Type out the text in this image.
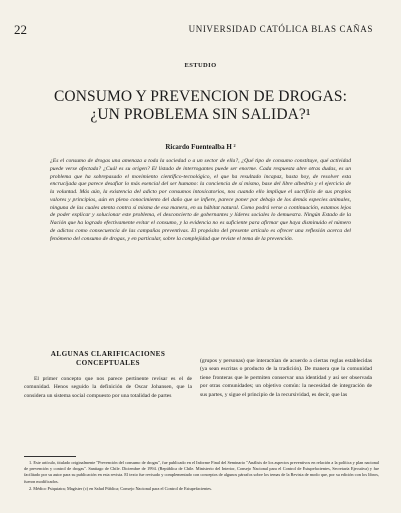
22	UNIVERSIDAD CATÓLICA BLAS CAÑAS
ESTUDIO
CONSUMO Y PREVENCION DE DROGAS:
¿UN PROBLEMA SIN SALIDA?¹
Ricardo Fuentealba H ²
¿Es el consumo de drogas una amenaza a toda la sociedad o a un sector de ella?, ¿Qué tipo de consumo constituye, qué actividad puede verse afectada? ¿Cuál es su origen? El listado de interrogantes puede ser enorme. Cada respuesta abre otras dudas, es un problema que ha sobrepasado el movimiento científico-tecnológico, el que ha resultado incapaz, hasta hoy, de resolver esta encrucijada que parece desafiar lo más esencial del ser humano: la conciencia de sí mismo, base del libre albedrío y el ejercicio de la voluntad. Más aún, la existencia del adicto por consumos intoxicatorios, nos cuando ello implique el sacrificio de sus propios valores y principios, aún en pleno conocimiento del daño que se infiere, parece poner por debajo de los demás especies animales, ninguna de las cuales atenta contra sí misma de esa manera, en su hábitat natural. Como podrá verse a continuación, estamos lejos de poder explicar y solucionar este problema, el desconcierto de gobernantes y líderes sociales lo demuestra. Ningún Estado de la Nación que ha logrado efectivamente evitar el consumo, y la evidencia no es suficiente para afirmar que haya disminuido el número de adictos como consecuencia de las campañas preventivas. El propósito del presente artículo es ofrecer una reflexión acerca del fenómeno del consumo de drogas, y en particular, sobre la complejidad que reviste el tema de la prevención.
ALGUNAS CLARIFICACIONES
CONCEPTUALES

El primer concepto que nos parece pertinente revisar es el de comunidad. Henos seguido la definición de Oscar Johansen, que la considera un sistema social compuesto por una totalidad de partes

(grupos y personas) que interactúan de acuerdo a ciertas reglas establecidas (ya sean escritas o producto de la tradición). De manera que la comunidad tiene fronteras que le permiten conservar una identidad y así ser observada por otras comunidades; un objetivo común: la necesidad de integración de sus partes, y sigue el principio de la recursividad, es decir, que las

1. Este artículo, titulado originalmente "Prevención del consumo de drogas", fue publicado en el Informe Final del Seminario "Análisis de los aspectos preventivos en relación a la política y plan nacional de prevención y control de drogas". Santiago de Chile. Diciembre de 1994. (República de Chile. Ministerio del Interior, Consejo Nacional para el Control de Estupefacientes, Secretaría Ejecutiva) y fue facilitado por su autor para su publicación en esta revista. El texto fue revisado y complementado con conceptos de algunos párrafos sobre los temas de la Revista de modo que, por su edición con los libros, fueron modificados.

2. Médico Psiquiatra; Magíster (c) en Salud Pública; Consejo Nacional para el Control de Estupefacientes.
